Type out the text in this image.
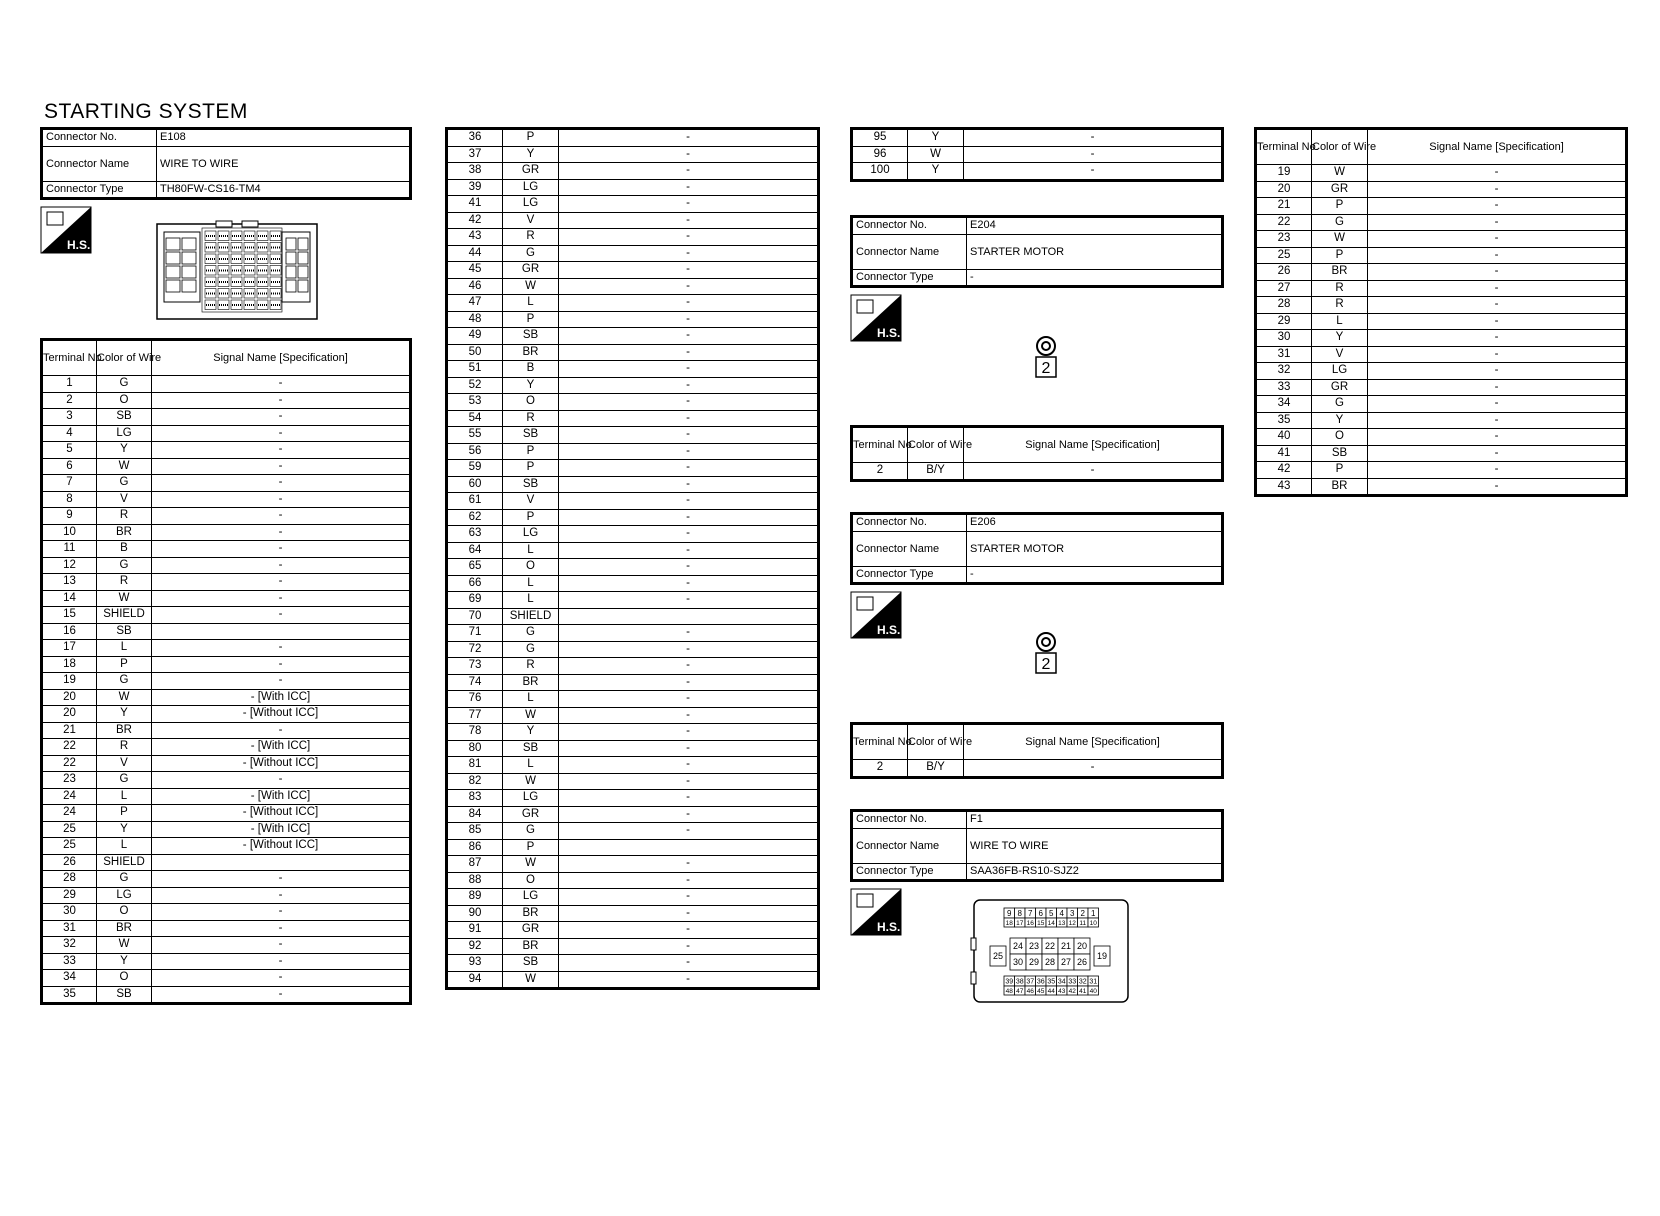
STARTING SYSTEM
Connector No.	E108
Connector Name	WIRE TO WIRE
Connector Type	TH80FW-CS16-TM4
H.S.
Terminal No.	Color of Wire	Signal Name [Specification]
1	G	-
2	O	-
3	SB	-
4	LG	-
5	Y	-
6	W	-
7	G	-
8	V	-
9	R	-
10	BR	-
11	B	-
12	G	-
13	R	-
14	W	-
15	SHIELD	-
16	SB	
17	L	-
18	P	-
19	G	-
20	W	- [With ICC]
20	Y	- [Without ICC]
21	BR	-
22	R	- [With ICC]
22	V	- [Without ICC]
23	G	-
24	L	- [With ICC]
24	P	- [Without ICC]
25	Y	- [With ICC]
25	L	- [Without ICC]
26	SHIELD	
28	G	-
29	LG	-
30	O	-
31	BR	-
32	W	-
33	Y	-
34	O	-
35	SB	-
36	P	-
37	Y	-
38	GR	-
39	LG	-
41	LG	-
42	V	-
43	R	-
44	G	-
45	GR	-
46	W	-
47	L	-
48	P	-
49	SB	-
50	BR	-
51	B	-
52	Y	-
53	O	-
54	R	-
55	SB	-
56	P	-
59	P	-
60	SB	-
61	V	-
62	P	-
63	LG	-
64	L	-
65	O	-
66	L	-
69	L	-
70	SHIELD	
71	G	-
72	G	-
73	R	-
74	BR	-
76	L	-
77	W	-
78	Y	-
80	SB	-
81	L	-
82	W	-
83	LG	-
84	GR	-
85	G	-
86	P	
87	W	-
88	O	-
89	LG	-
90	BR	-
91	GR	-
92	BR	-
93	SB	-
94	W	-
95	Y	-
96	W	-
100	Y	-
Connector No.	E204
Connector Name	STARTER MOTOR
Connector Type	-
H.S.
2
Terminal No.	Color of Wire	Signal Name [Specification]
2	B/Y	-
Connector No.	E206
Connector Name	STARTER MOTOR
Connector Type	-
H.S.
2
Terminal No.	Color of Wire	Signal Name [Specification]
2	B/Y	-
Connector No.	F1
Connector Name	WIRE TO WIRE
Connector Type	SAA36FB-RS10-SJZ2
H.S.
9 8 7 6 5 4 3 2 1
18 17 16 15 14 13 12 11 10
25
24 23 22 21 20
30 29 28 27 26
19
39 38 37 36 35 34 33 32 31
48 47 46 45 44 43 42 41 40
Terminal No.	Color of Wire	Signal Name [Specification]
19	W	-
20	GR	-
21	P	-
22	G	-
23	W	-
25	P	-
26	BR	-
27	R	-
28	R	-
29	L	-
30	Y	-
31	V	-
32	LG	-
33	GR	-
34	G	-
35	Y	-
40	O	-
41	SB	-
42	P	-
43	BR	-
